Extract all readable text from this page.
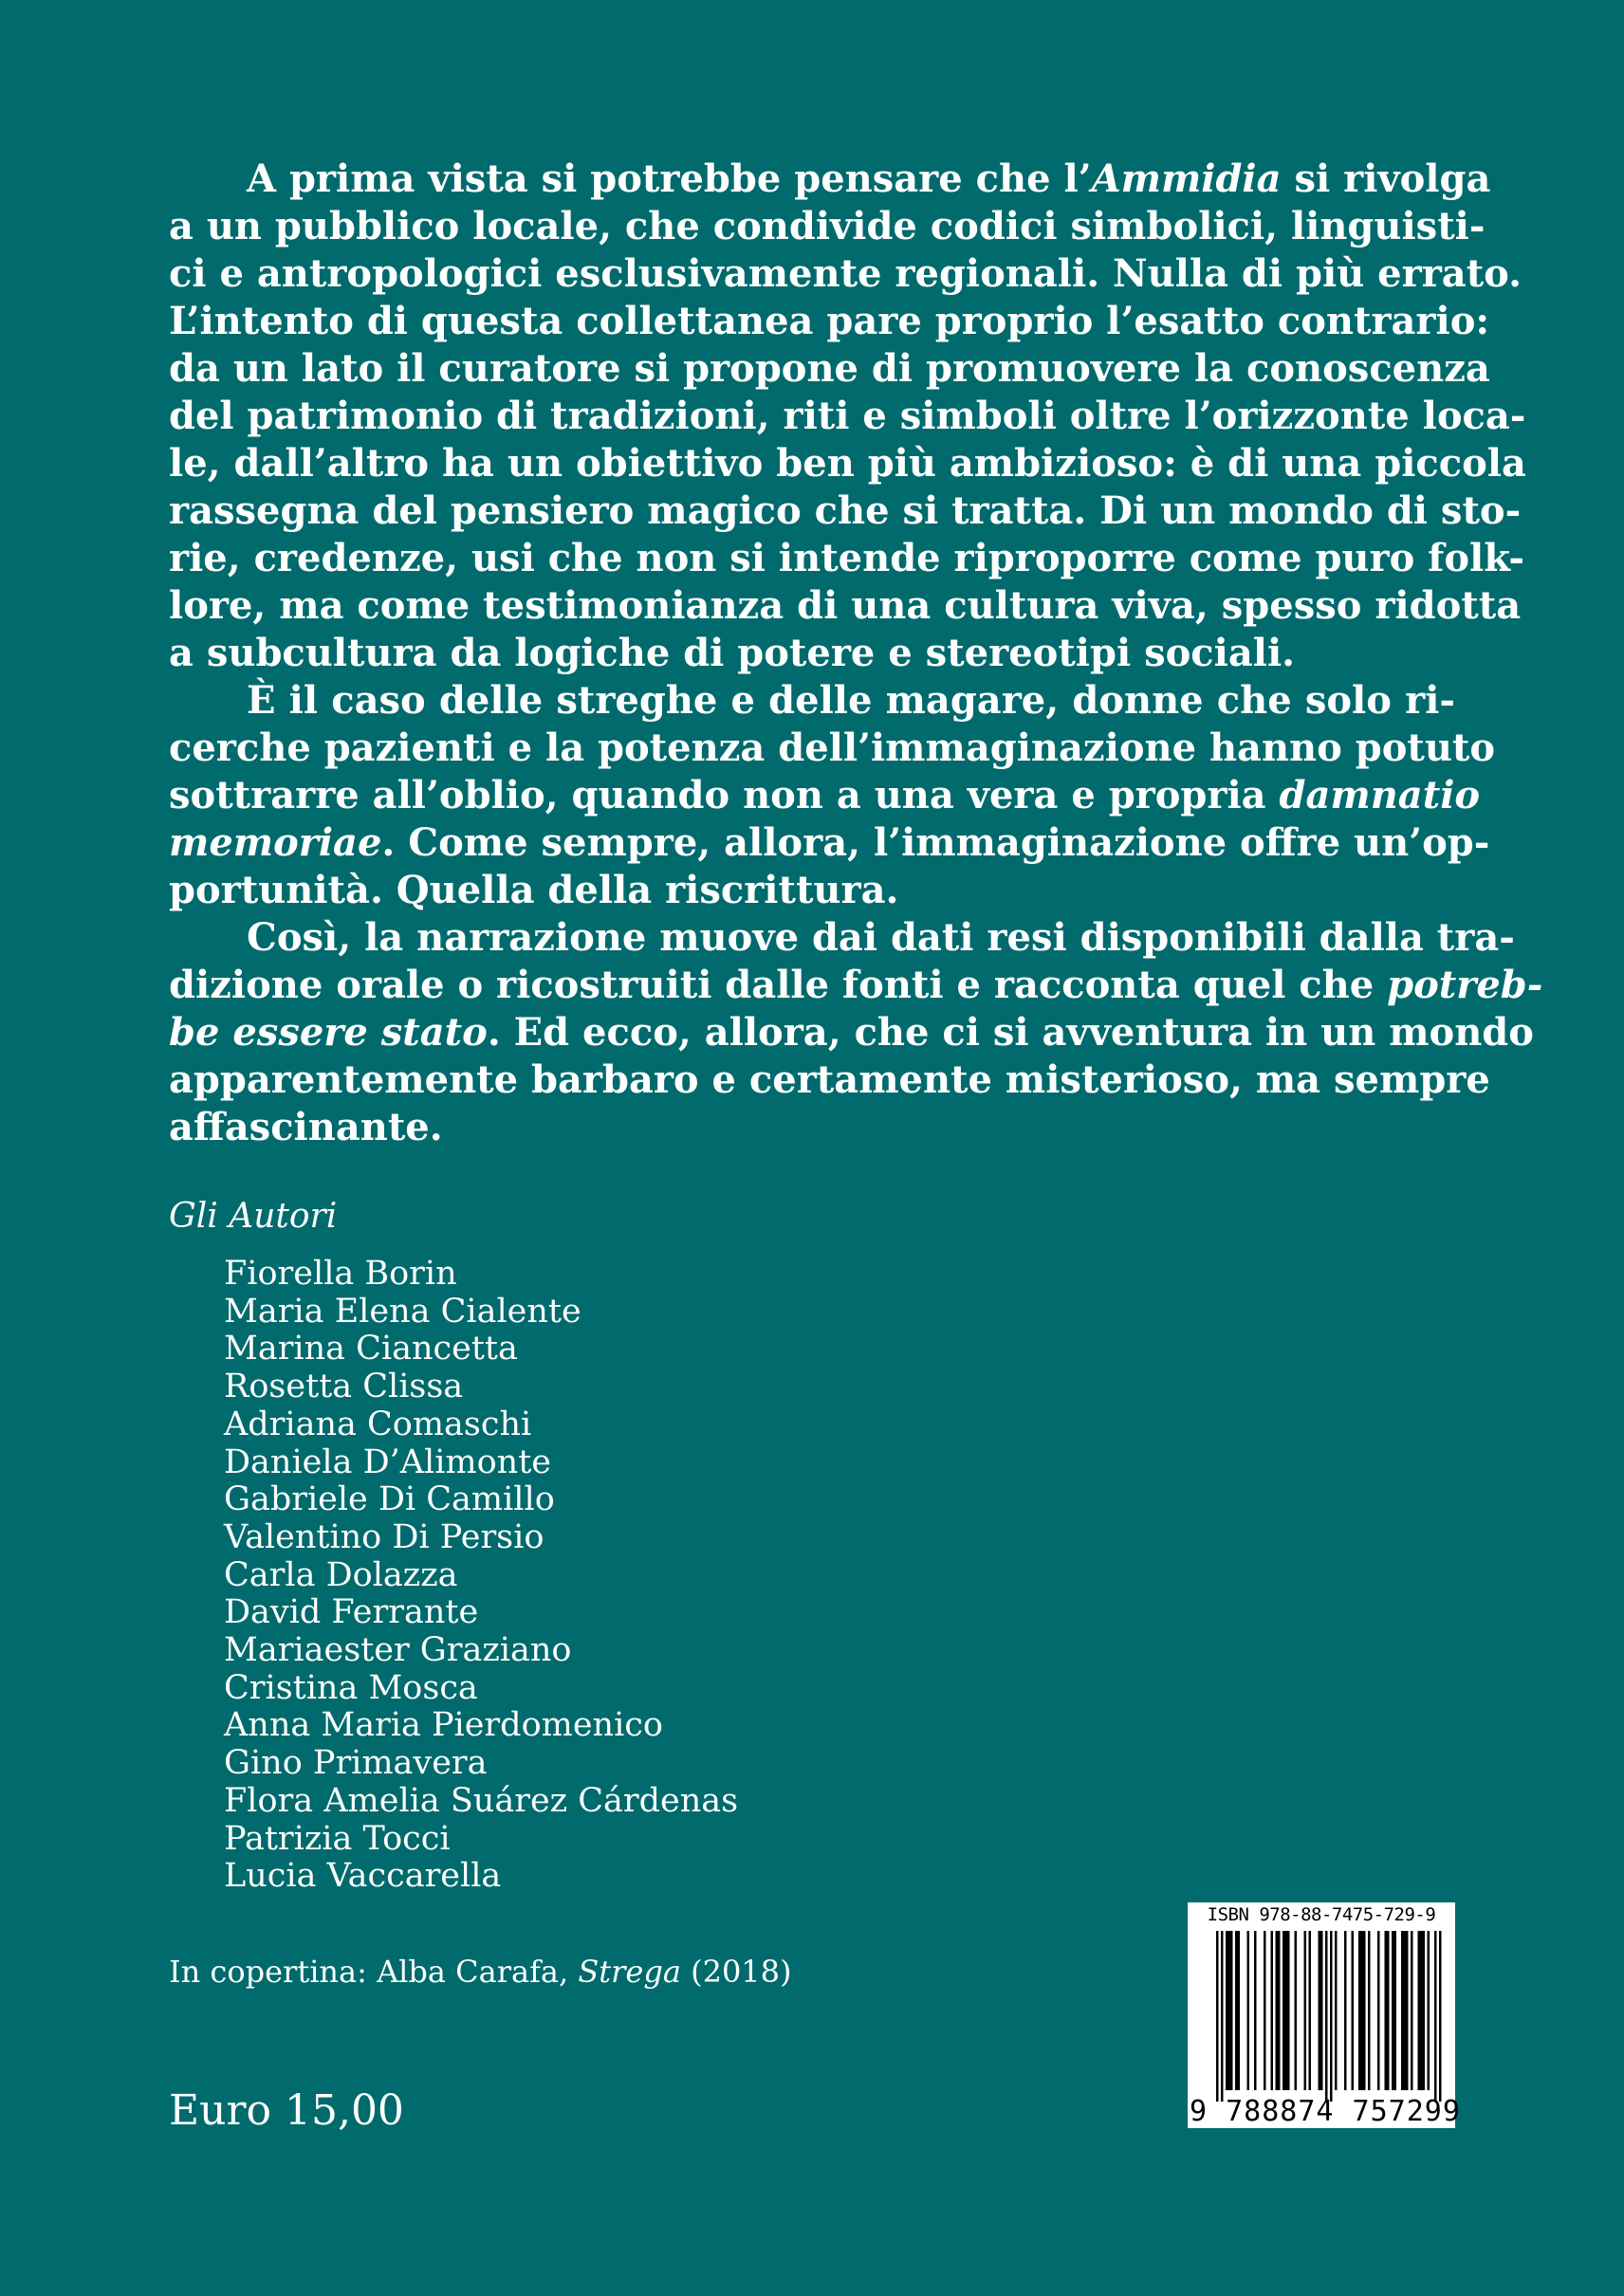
A prima vista si potrebbe pensare che l’Ammidia si rivolga
a un pubblico locale, che condivide codici simbolici, linguisti-
ci e antropologici esclusivamente regionali. Nulla di più errato.
L’intento di questa collettanea pare proprio l’esatto contrario:
da un lato il curatore si propone di promuovere la conoscenza
del patrimonio di tradizioni, riti e simboli oltre l’orizzonte loca-
le, dall’altro ha un obiettivo ben più ambizioso: è di una piccola
rassegna del pensiero magico che si tratta. Di un mondo di sto-
rie, credenze, usi che non si intende riproporre come puro folk-
lore, ma come testimonianza di una cultura viva, spesso ridotta
a subcultura da logiche di potere e stereotipi sociali.

È il caso delle streghe e delle magare, donne che solo ri-
cerche pazienti e la potenza dell’immaginazione hanno potuto
sottrarre all’oblio, quando non a una vera e propria damnatio
memoriae. Come sempre, allora, l’immaginazione offre un’op-
portunità. Quella della riscrittura.

Così, la narrazione muove dai dati resi disponibili dalla tra-
dizione orale o ricostruiti dalle fonti e racconta quel che potreb-
be essere stato. Ed ecco, allora, che ci si avventura in un mondo
apparentemente barbaro e certamente misterioso, ma sempre
affascinante.

Gli Autori

Fiorella Borin
Maria Elena Cialente
Marina Ciancetta
Rosetta Clissa
Adriana Comaschi
Daniela D’Alimonte
Gabriele Di Camillo
Valentino Di Persio
Carla Dolazza
David Ferrante
Mariaester Graziano
Cristina Mosca
Anna Maria Pierdomenico
Gino Primavera
Flora Amelia Suárez Cárdenas
Patrizia Tocci
Lucia Vaccarella

In copertina: Alba Carafa, Strega (2018)

Euro 15,00

ISBN 978-88-7475-729-9
9 788874 757299
